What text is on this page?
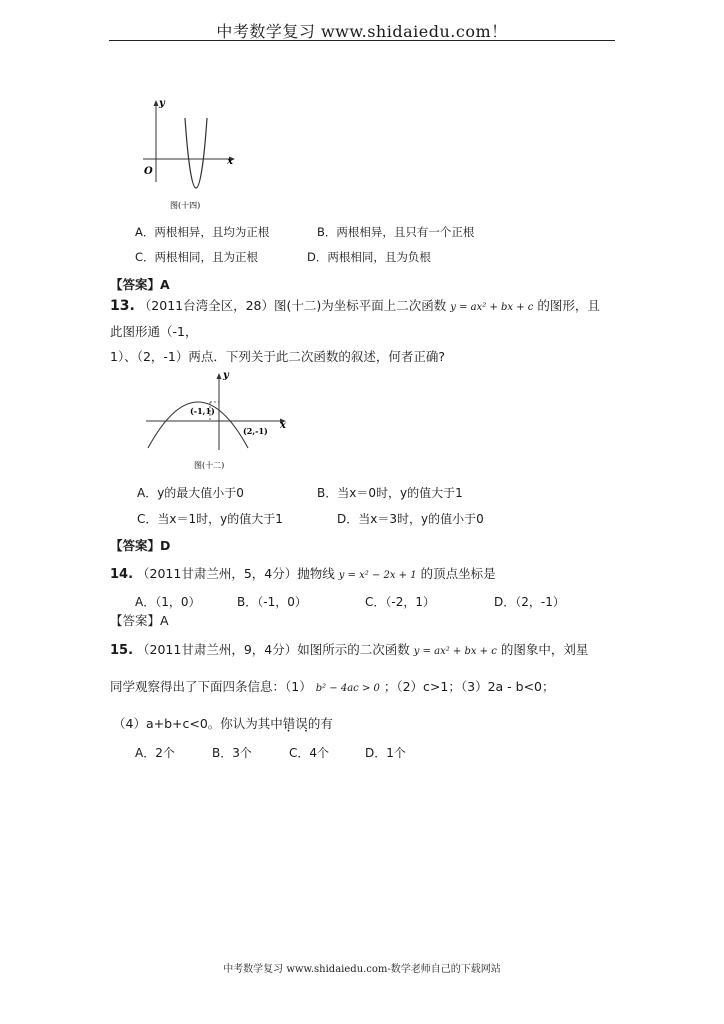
中考数学复习 www.shidaiedu.com！
y
x
O
图(十四)
A．两根相异，且均为正根	B．两根相异，且只有一个正根
C．两根相同，且为正根	D．两根相同，且为负根
【答案】A
13. （2011台湾全区，28）图(十二)为坐标平面上二次函数 y = ax² + bx + c 的图形，且
此图形通（-1，
1）、（2，-1）两点．下列关于此二次函数的叙述，何者正确?
y
x
(-1,1)
(2,-1)
图(十二)
A．y的最大值小于0	B．当x＝0时，y的值大于1
C．当x＝1时，y的值大于1	D．当x＝3时，y的值小于0
【答案】D
14. （2011甘肃兰州，5，4分）抛物线 y = x² − 2x + 1 的顶点坐标是
A．（1，0）	B．（-1，0）	C．（-2，1）	D．（2，-1）
【答案】A
15. （2011甘肃兰州，9，4分）如图所示的二次函数 y = ax² + bx + c 的图象中，刘星
同学观察得出了下面四条信息：（1） b² − 4ac > 0 ；（2）c>1；（3）2a - b<0；
（4）a+b+c<0。你认为其中错误 • •的有
A．2个	B．3个	C．4个	D．1个
中考数学复习 www.shidaiedu.com-数学老师自己的下载网站
